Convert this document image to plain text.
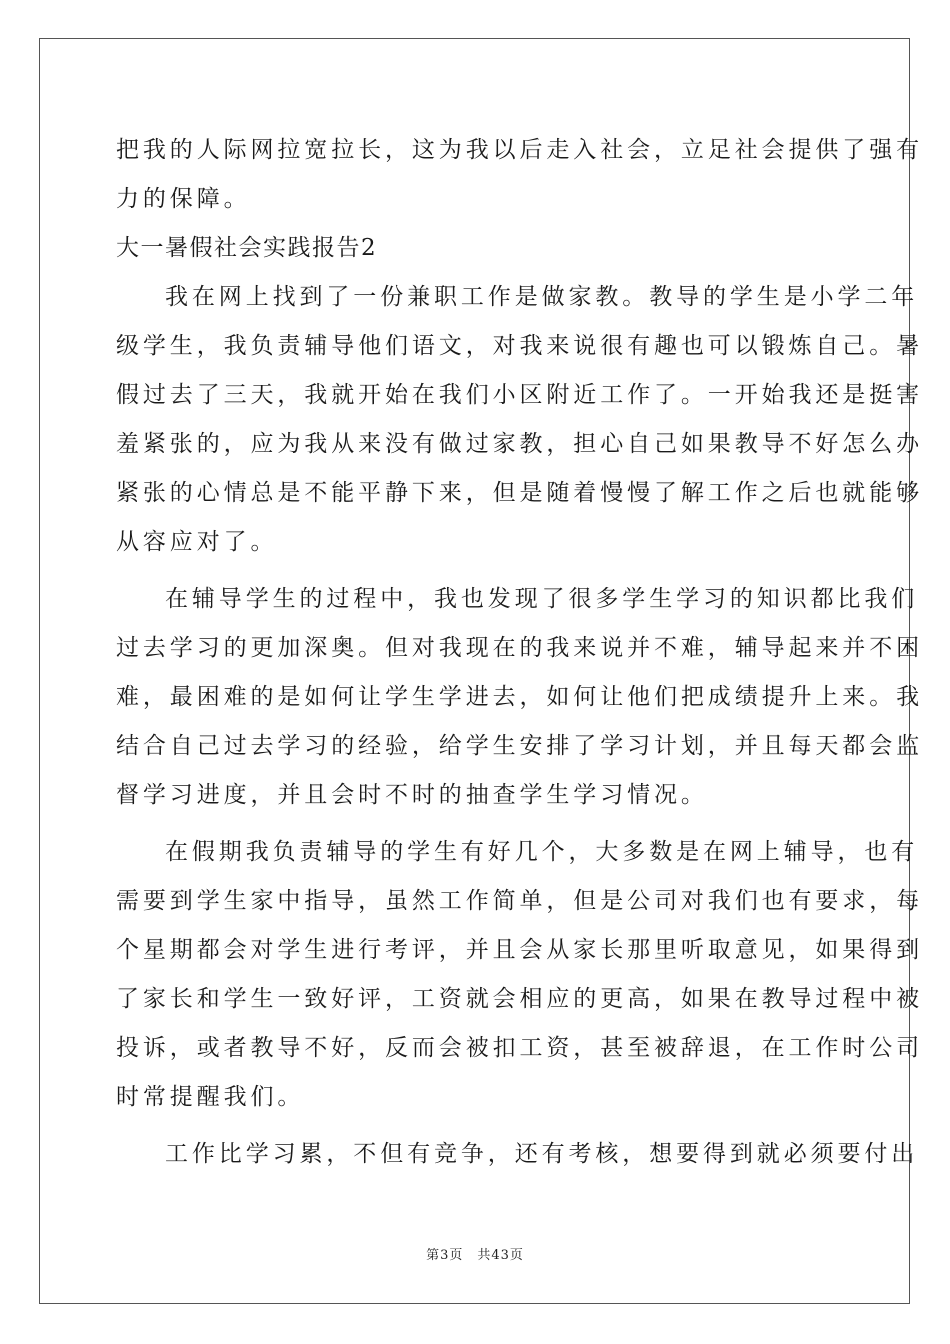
把我的人际网拉宽拉长，这为我以后走入社会，立足社会提供了强有
力的保障。
大一暑假社会实践报告2
我在网上找到了一份兼职工作是做家教。教导的学生是小学二年
级学生，我负责辅导他们语文，对我来说很有趣也可以锻炼自己。暑
假过去了三天，我就开始在我们小区附近工作了。一开始我还是挺害
羞紧张的，应为我从来没有做过家教，担心自己如果教导不好怎么办
紧张的心情总是不能平静下来，但是随着慢慢了解工作之后也就能够
从容应对了。
在辅导学生的过程中，我也发现了很多学生学习的知识都比我们
过去学习的更加深奥。但对我现在的我来说并不难，辅导起来并不困
难，最困难的是如何让学生学进去，如何让他们把成绩提升上来。我
结合自己过去学习的经验，给学生安排了学习计划，并且每天都会监
督学习进度，并且会时不时的抽查学生学习情况。
在假期我负责辅导的学生有好几个，大多数是在网上辅导，也有
需要到学生家中指导，虽然工作简单，但是公司对我们也有要求，每
个星期都会对学生进行考评，并且会从家长那里听取意见，如果得到
了家长和学生一致好评，工资就会相应的更高，如果在教导过程中被
投诉，或者教导不好，反而会被扣工资，甚至被辞退，在工作时公司
时常提醒我们。
工作比学习累，不但有竞争，还有考核，想要得到就必须要付出
第3页 共43页
